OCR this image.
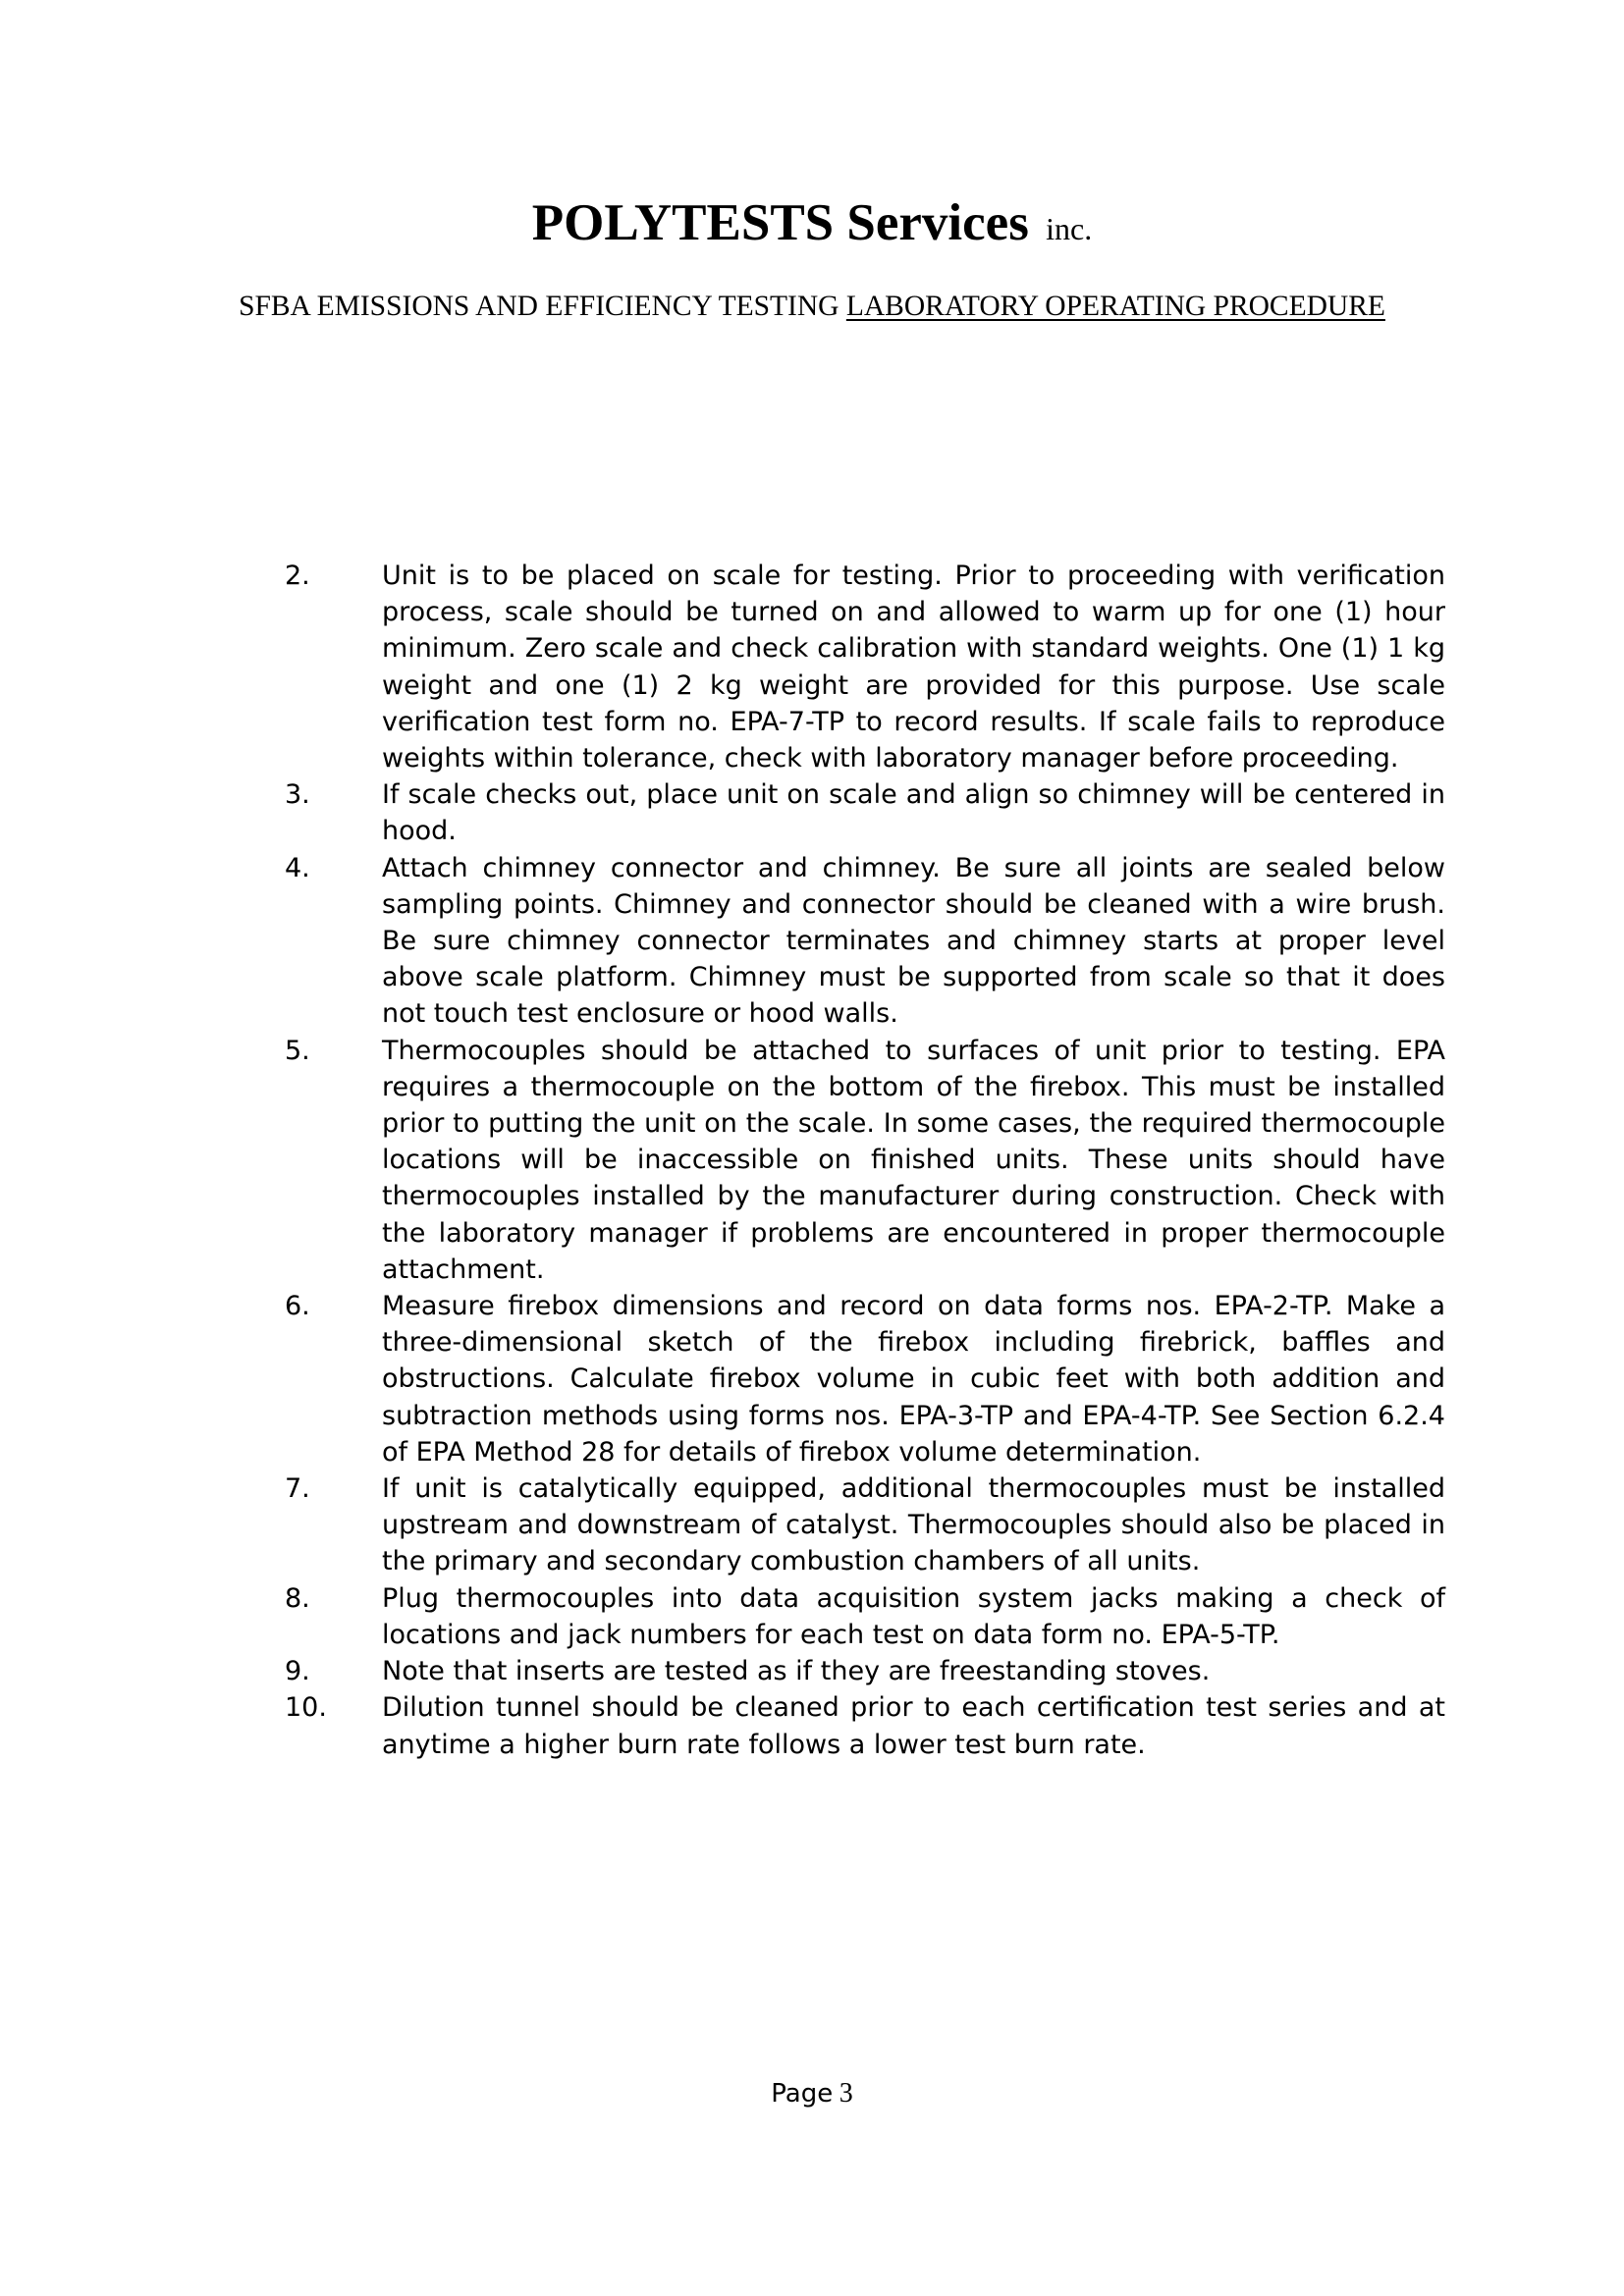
POLYTESTS Services inc.
SFBA EMISSIONS AND EFFICIENCY TESTING LABORATORY OPERATING PROCEDURE
2.	Unit is to be placed on scale for testing. Prior to proceeding with verification process, scale should be turned on and allowed to warm up for one (1) hour minimum. Zero scale and check calibration with standard weights. One (1) 1 kg weight and one (1) 2 kg weight are provided for this purpose. Use scale verification test form no. EPA-7-TP to record results. If scale fails to reproduce weights within tolerance, check with laboratory manager before proceeding.
3.	If scale checks out, place unit on scale and align so chimney will be centered in hood.
4.	Attach chimney connector and chimney. Be sure all joints are sealed below sampling points. Chimney and connector should be cleaned with a wire brush. Be sure chimney connector terminates and chimney starts at proper level above scale platform. Chimney must be supported from scale so that it does not touch test enclosure or hood walls.
5.	Thermocouples should be attached to surfaces of unit prior to testing. EPA requires a thermocouple on the bottom of the firebox. This must be installed prior to putting the unit on the scale. In some cases, the required thermocouple locations will be inaccessible on finished units. These units should have thermocouples installed by the manufacturer during construction. Check with the laboratory manager if problems are encountered in proper thermocouple attachment.
6.	Measure firebox dimensions and record on data forms nos. EPA-2-TP. Make a three-dimensional sketch of the firebox including firebrick, baffles and obstructions. Calculate firebox volume in cubic feet with both addition and subtraction methods using forms nos. EPA-3-TP and EPA-4-TP. See Section 6.2.4 of EPA Method 28 for details of firebox volume determination.
7.	If unit is catalytically equipped, additional thermocouples must be installed upstream and downstream of catalyst. Thermocouples should also be placed in the primary and secondary combustion chambers of all units.
8.	Plug thermocouples into data acquisition system jacks making a check of locations and jack numbers for each test on data form no. EPA-5-TP.
9.	Note that inserts are tested as if they are freestanding stoves.
10. Dilution tunnel should be cleaned prior to each certification test series and at anytime a higher burn rate follows a lower test burn rate.
Page 3
